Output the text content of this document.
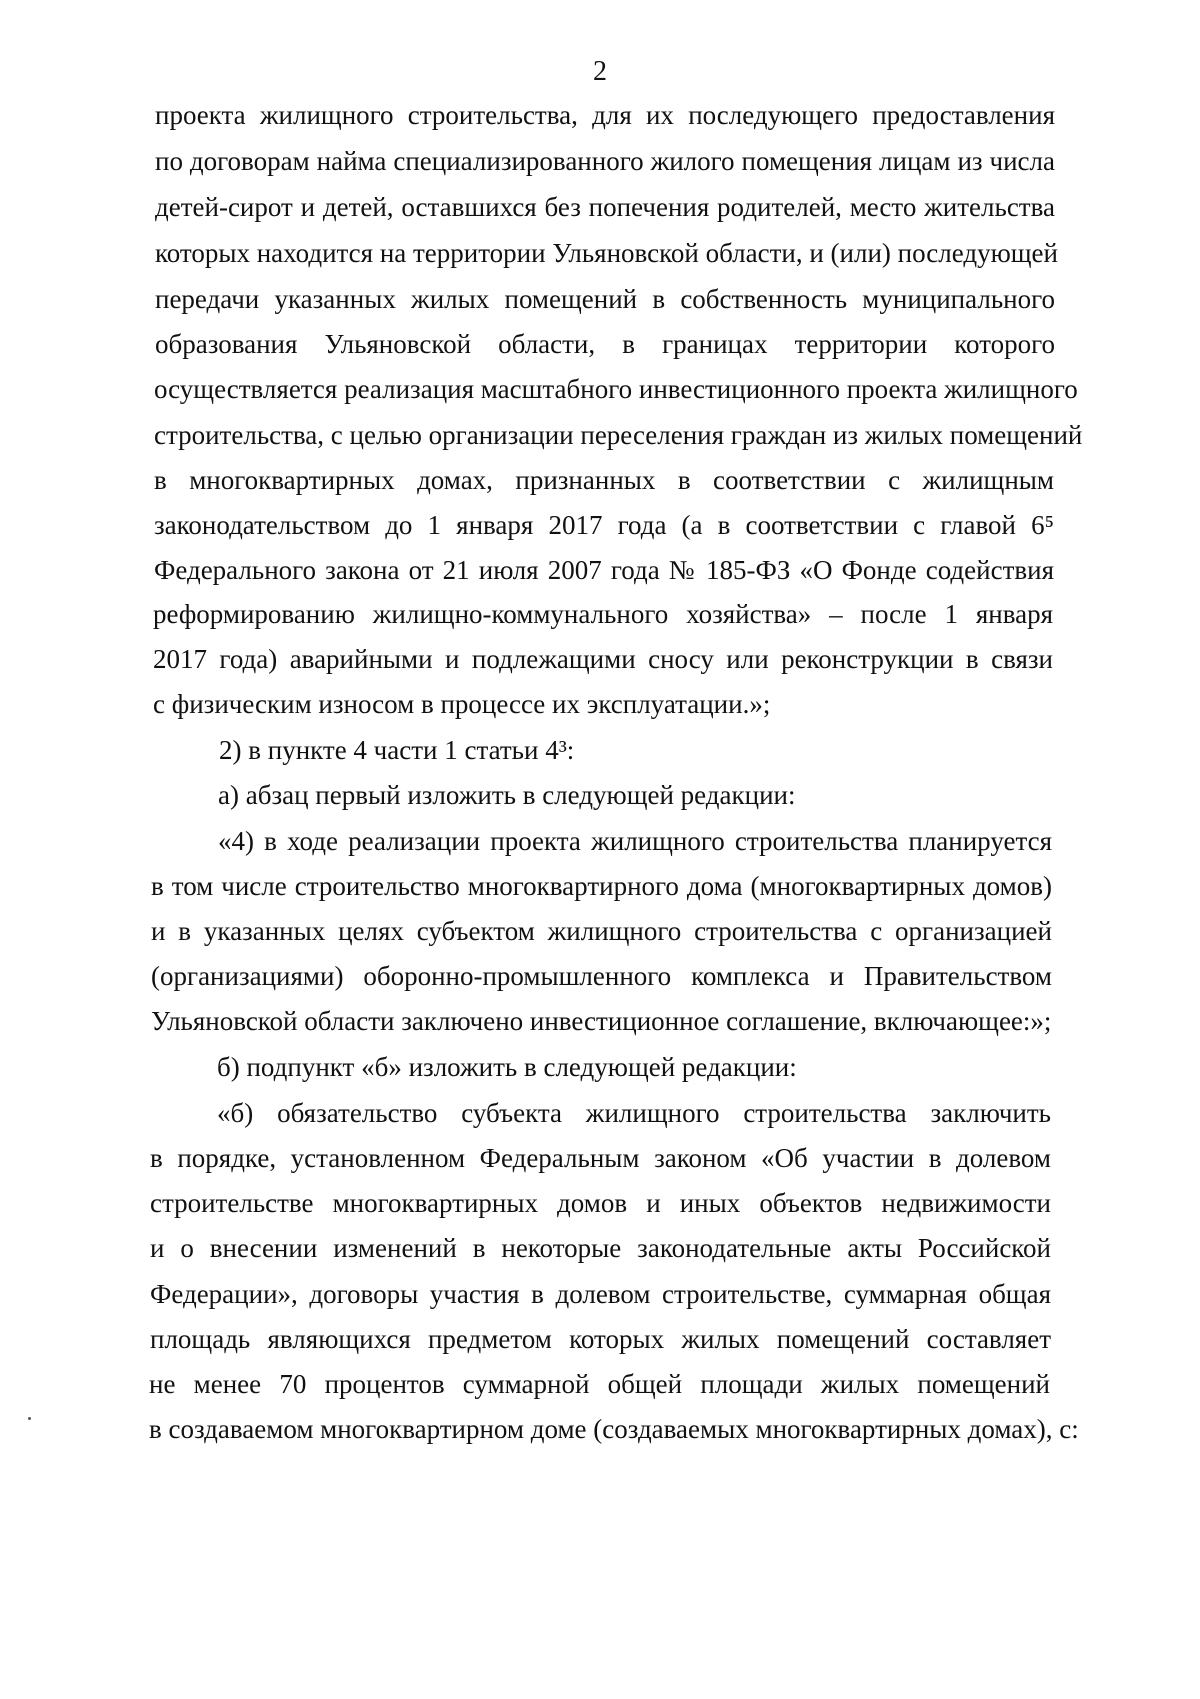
2
проекта жилищного строительства, для их последующего предоставления
по договорам найма специализированного жилого помещения лицам из числа
детей-сирот и детей, оставшихся без попечения родителей, место жительства
которых находится на территории Ульяновской области, и (или) последующей
передачи указанных жилых помещений в собственность муниципального
образования Ульяновской области, в границах территории которого
осуществляется реализация масштабного инвестиционного проекта жилищного
строительства, с целью организации переселения граждан из жилых помещений
в многоквартирных домах, признанных в соответствии с жилищным
законодательством до 1 января 2017 года (а в соответствии с главой 6⁵
Федерального закона от 21 июля 2007 года № 185-ФЗ «О Фонде содействия
реформированию жилищно-коммунального хозяйства» – после 1 января
2017 года) аварийными и подлежащими сносу или реконструкции в связи
с физическим износом в процессе их эксплуатации.»;
2) в пункте 4 части 1 статьи 4³:
а) абзац первый изложить в следующей редакции:
«4) в ходе реализации проекта жилищного строительства планируется
в том числе строительство многоквартирного дома (многоквартирных домов)
и в указанных целях субъектом жилищного строительства с организацией
(организациями) оборонно-промышленного комплекса и Правительством
Ульяновской области заключено инвестиционное соглашение, включающее:»;
б) подпункт «б» изложить в следующей редакции:
«б) обязательство субъекта жилищного строительства заключить
в порядке, установленном Федеральным законом «Об участии в долевом
строительстве многоквартирных домов и иных объектов недвижимости
и о внесении изменений в некоторые законодательные акты Российской
Федерации», договоры участия в долевом строительстве, суммарная общая
площадь являющихся предметом которых жилых помещений составляет
не менее 70 процентов суммарной общей площади жилых помещений
в создаваемом многоквартирном доме (создаваемых многоквартирных домах), с:
